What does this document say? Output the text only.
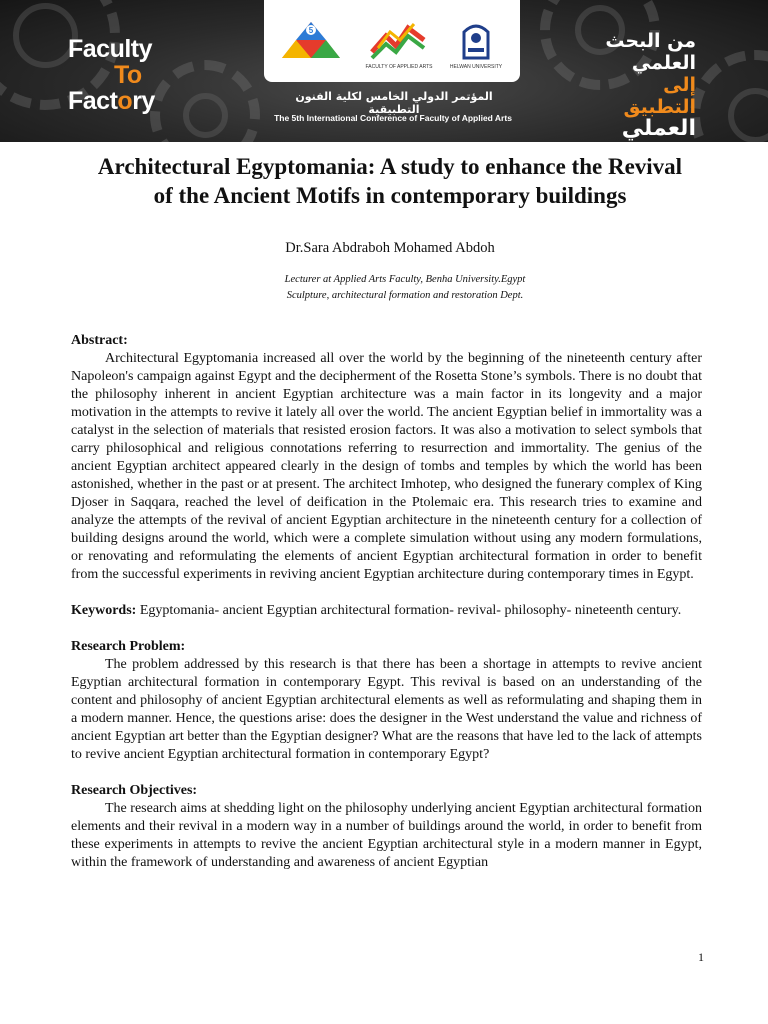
Faculty
To
Factory
5
FACULTY OF APPLIED ARTS	HELWAN UNIVERSITY
المؤتمر الدولي الخامس لكلية الفنون التطبيقية
The 5th International Conference of Faculty of Applied Arts
من البحث
العلمي
إلى التطبيق
العملي
Architectural Egyptomania: A study to enhance the Revival of the Ancient Motifs in contemporary buildings
Dr.Sara Abdraboh Mohamed Abdoh
Lecturer at Applied Arts Faculty, Benha University.Egypt
Sculpture, architectural formation and restoration Dept.
Abstract:

Architectural Egyptomania increased all over the world by the beginning of the nineteenth century after Napoleon's campaign against Egypt and the decipherment of the Rosetta Stone’s symbols. There is no doubt that the philosophy inherent in ancient Egyptian architecture was a main factor in its longevity and a major motivation in the attempts to revive it lately all over the world. The ancient Egyptian belief in immortality was a catalyst in the selection of materials that resisted erosion factors. It was also a motivation to select symbols that carry philosophical and religious connotations referring to resurrection and immortality. The genius of the ancient Egyptian architect appeared clearly in the design of tombs and temples by which the world has been astonished, whether in the past or at present. The architect Imhotep, who designed the funerary complex of King Djoser in Saqqara, reached the level of deification in the Ptolemaic era. This research tries to examine and analyze the attempts of the revival of ancient Egyptian architecture in the nineteenth century for a collection of building designs around the world, which were a complete simulation without using any modern formulations, or renovating and reformulating the elements of ancient Egyptian architectural formation in order to benefit from the successful experiments in reviving ancient Egyptian architecture during contemporary times in Egypt.

Keywords: Egyptomania- ancient Egyptian architectural formation- revival- philosophy- nineteenth century.

Research Problem:

The problem addressed by this research is that there has been a shortage in attempts to revive ancient Egyptian architectural formation in contemporary Egypt. This revival is based on an understanding of the content and philosophy of ancient Egyptian architectural elements as well as reformulating and shaping them in a modern manner. Hence, the questions arise: does the designer in the West understand the value and richness of ancient Egyptian art better than the Egyptian designer? What are the reasons that have led to the lack of attempts to revive ancient Egyptian architectural formation in contemporary Egypt?

Research Objectives:

The research aims at shedding light on the philosophy underlying ancient Egyptian architectural formation elements and their revival in a modern way in a number of buildings around the world, in order to benefit from these experiments in attempts to revive the ancient Egyptian architectural style in a modern manner in Egypt, within the framework of understanding and awareness of ancient Egyptian

1
